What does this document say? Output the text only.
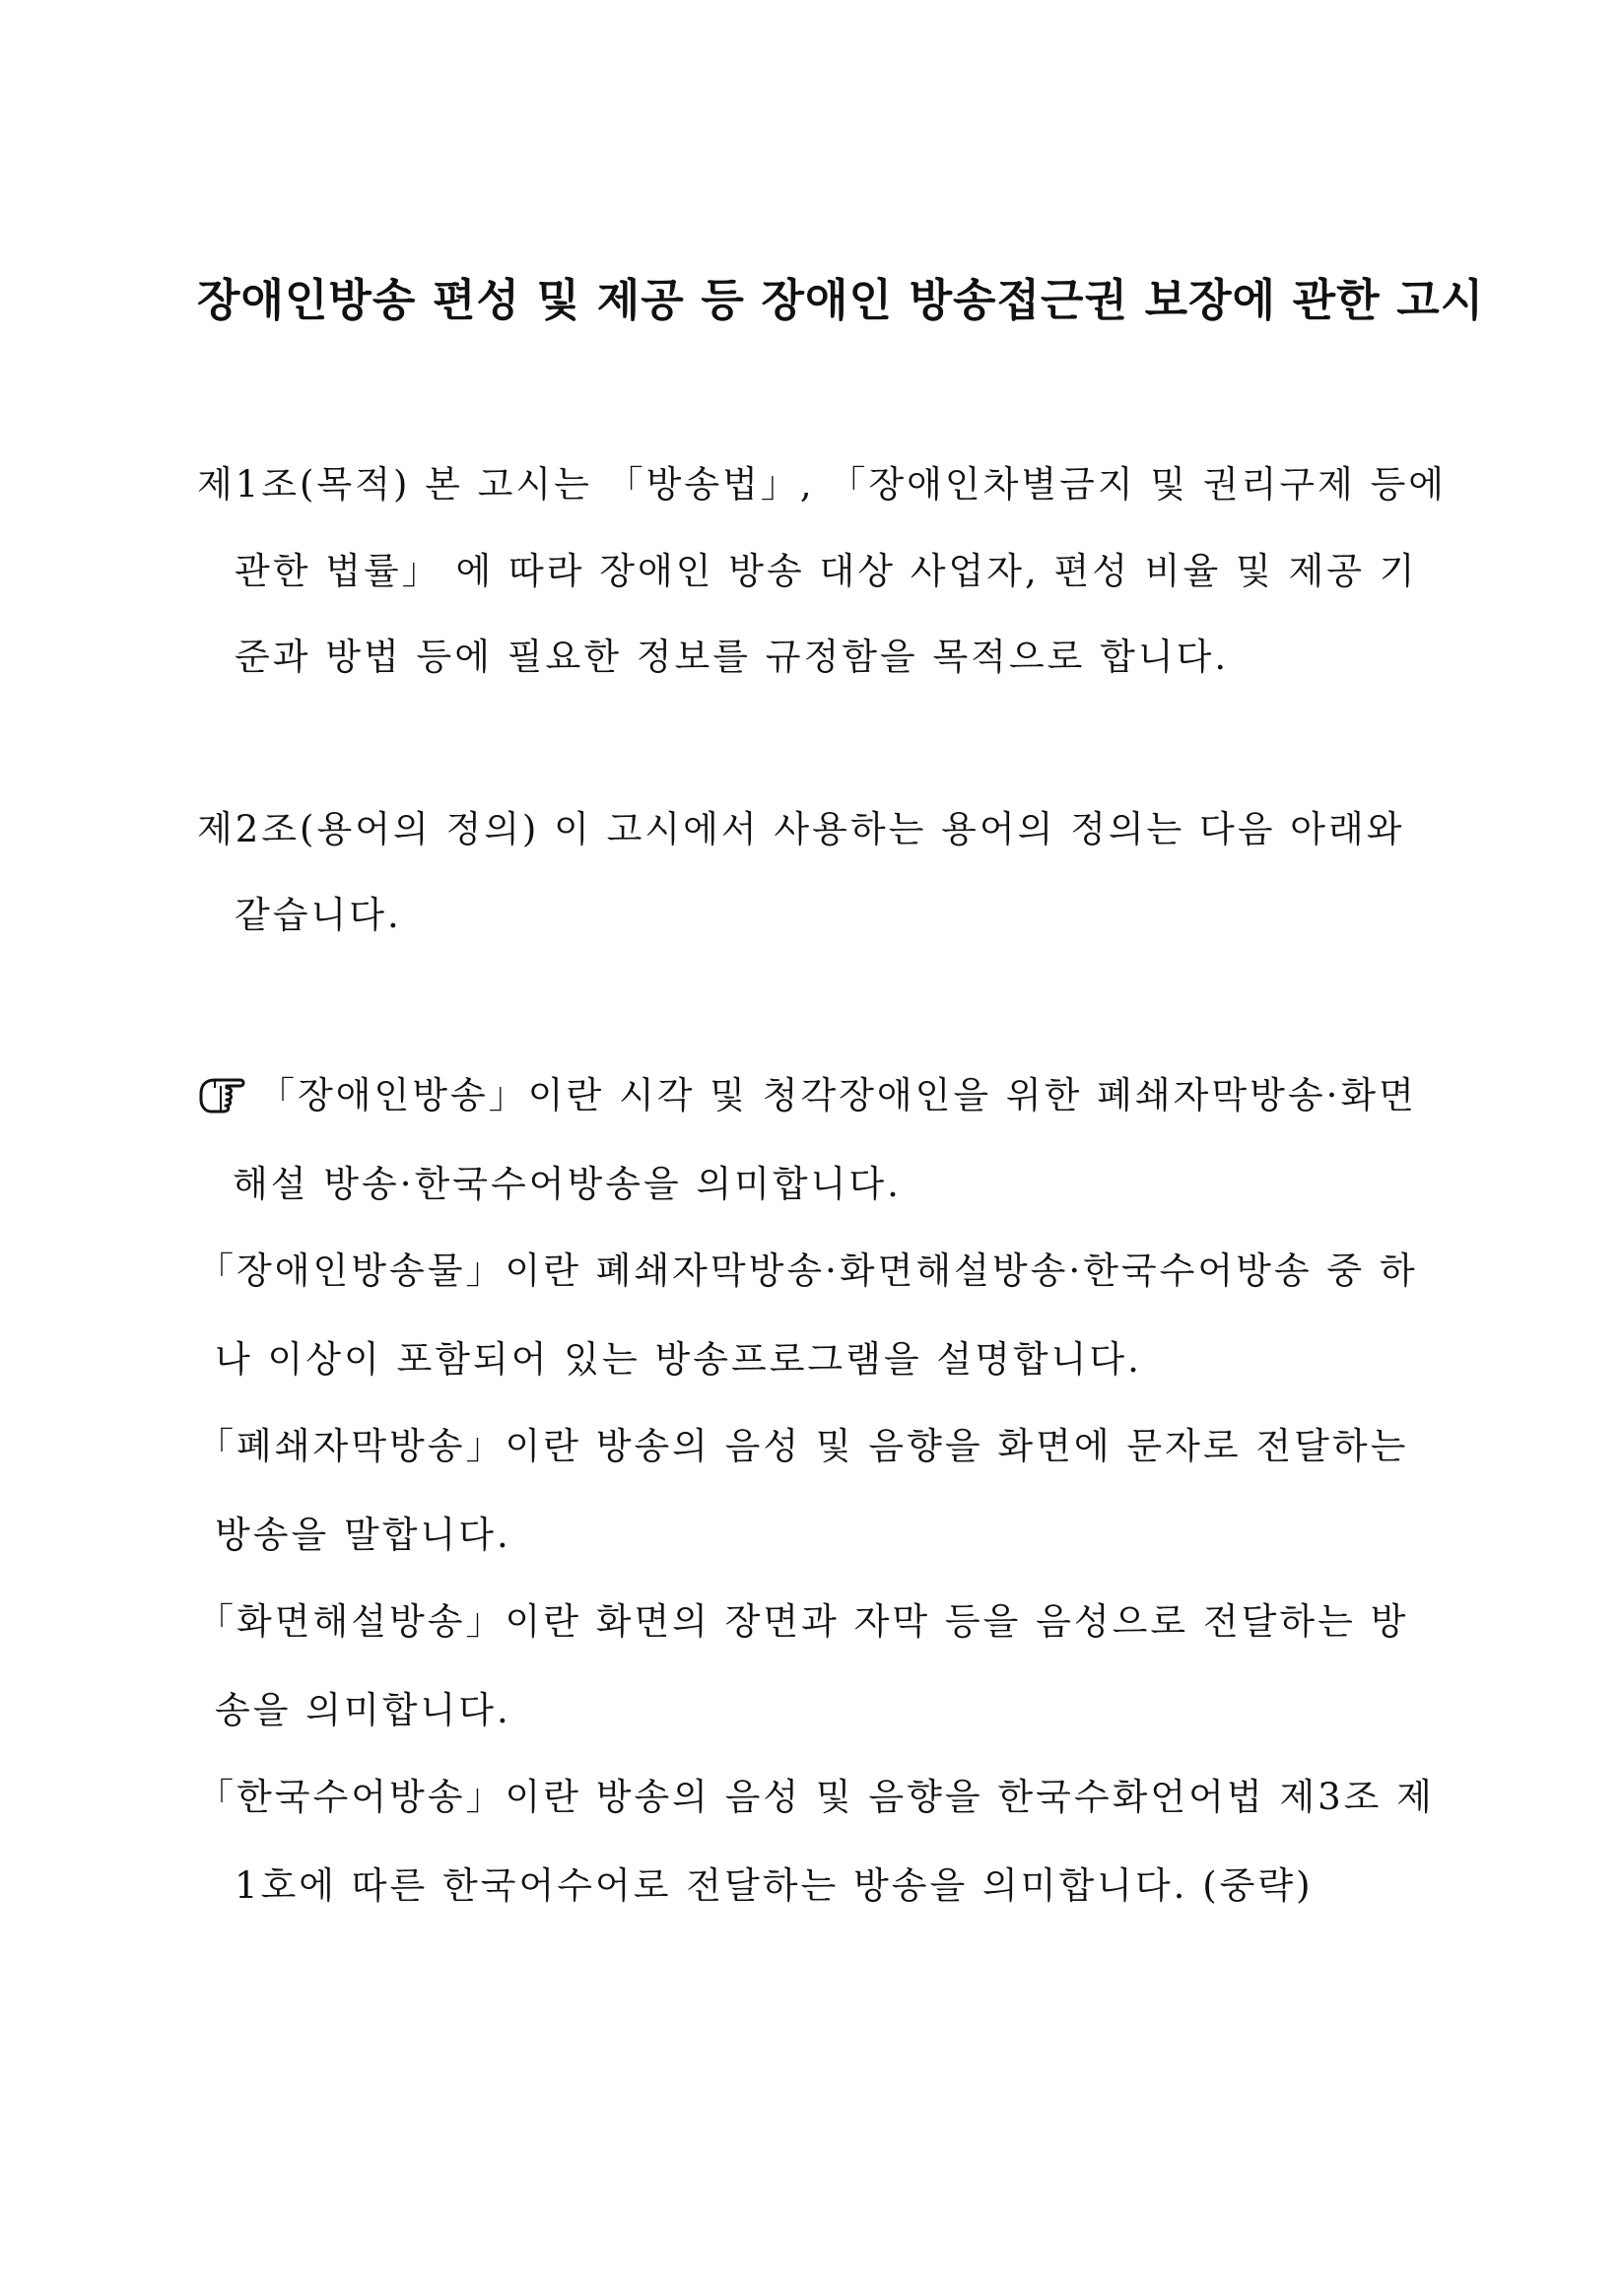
장애인방송 편성 및 제공 등 장애인 방송접근권 보장에 관한 고시
제1조(목적) 본 고시는 「방송법」, 「장애인차별금지 및 권리구제 등에
관한 법률」 에 따라 장애인 방송 대상 사업자, 편성 비율 및 제공 기
준과 방법 등에 필요한 정보를 규정함을 목적으로 합니다.
제2조(용어의 정의) 이 고시에서 사용하는 용어의 정의는 다음 아래와
같습니다.
「장애인방송」이란 시각 및 청각장애인을 위한 폐쇄자막방송·화면
해설 방송·한국수어방송을 의미합니다.
「장애인방송물」이란 폐쇄자막방송·화면해설방송·한국수어방송 중 하
나 이상이 포함되어 있는 방송프로그램을 설명합니다.
「폐쇄자막방송」이란 방송의 음성 및 음향을 화면에 문자로 전달하는
방송을 말합니다.
「화면해설방송」이란 화면의 장면과 자막 등을 음성으로 전달하는 방
송을 의미합니다.
「한국수어방송」이란 방송의 음성 및 음향을 한국수화언어법 제3조 제
1호에 따른 한국어수어로 전달하는 방송을 의미합니다. (중략)
